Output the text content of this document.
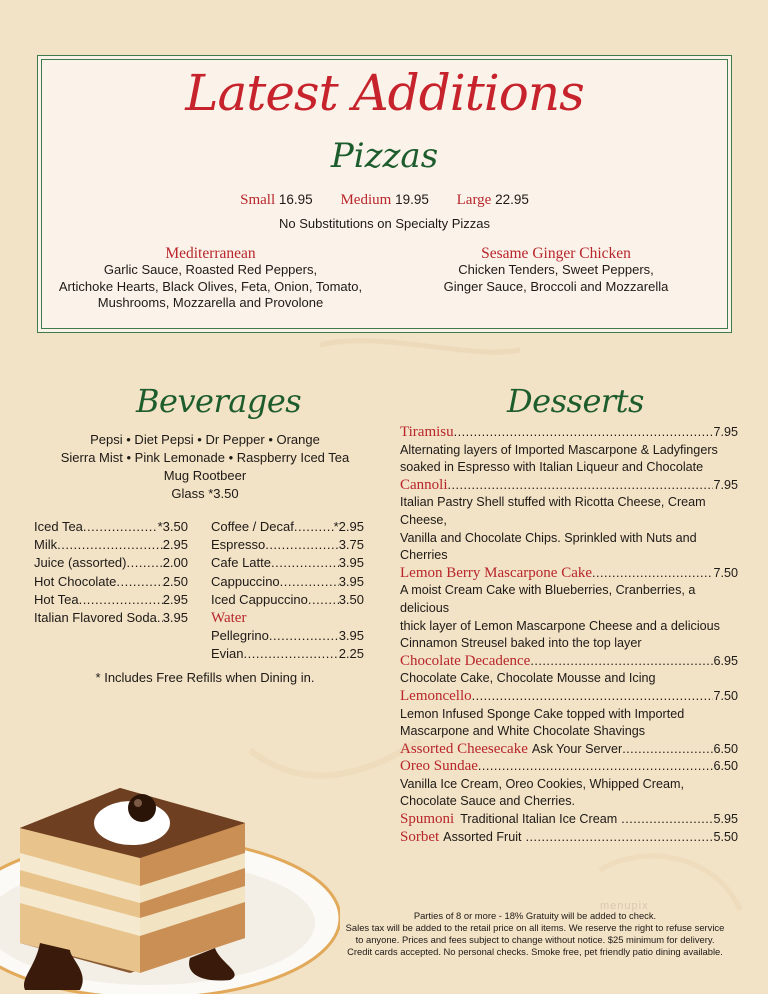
Latest Additions
Pizzas
Small 16.95 Medium 19.95 Large 22.95
No Substitutions on Specialty Pizzas
Mediterranean
Garlic Sauce, Roasted Red Peppers,
Artichoke Hearts, Black Olives, Feta, Onion, Tomato,
Mushrooms, Mozzarella and Provolone
Sesame Ginger Chicken
Chicken Tenders, Sweet Peppers,
Ginger Sauce, Broccoli and Mozzarella
Beverages
Pepsi • Diet Pepsi • Dr Pepper • Orange
Sierra Mist • Pink Lemonade • Raspberry Iced Tea
Mug Rootbeer
Glass *3.50
Iced Tea .....	*3.50
Milk .....	2.95
Juice (assorted) .....	2.00
Hot Chocolate .....	2.50
Hot Tea .....	2.95
Italian Flavored Soda ..... 3.95
Coffee / Decaf .....	*2.95
Espresso .....	3.75
Cafe Latte .....	3.95
Cappuccino .....	3.95
Iced Cappuccino ..... 3.50
Water
Pellegrino .....	3.95
Evian .....	2.25
* Includes Free Refills when Dining in.
Desserts
Tiramisu .....	7.95
Alternating layers of Imported Mascarpone & Ladyfingers
soaked in Espresso with Italian Liqueur and Chocolate
Cannoli .....	7.95
Italian Pastry Shell stuffed with Ricotta Cheese, Cream Cheese,
Vanilla and Chocolate Chips. Sprinkled with Nuts and Cherries
Lemon Berry Mascarpone Cake .....	7.50
A moist Cream Cake with Blueberries, Cranberries, a delicious
thick layer of Lemon Mascarpone Cheese and a delicious
Cinnamon Streusel baked into the top layer
Chocolate Decadence .....	6.95
Chocolate Cake, Chocolate Mousse and Icing
Lemoncello .....	7.50
Lemon Infused Sponge Cake topped with Imported
Mascarpone and White Chocolate Shavings
Assorted Cheesecake Ask Your Server .....	6.50
Oreo Sundae .....	6.50
Vanilla Ice Cream, Oreo Cookies, Whipped Cream,
Chocolate Sauce and Cherries.
Spumoni Traditional Italian Ice Cream .....	5.95
Sorbet Assorted Fruit .....	5.50
menupix
Parties of 8 or more - 18% Gratuity will be added to check.
Sales tax will be added to the retail price on all items. We reserve the right to refuse service
to anyone. Prices and fees subject to change without notice. $25 minimum for delivery.
Credit cards accepted. No personal checks. Smoke free, pet friendly patio dining available.
